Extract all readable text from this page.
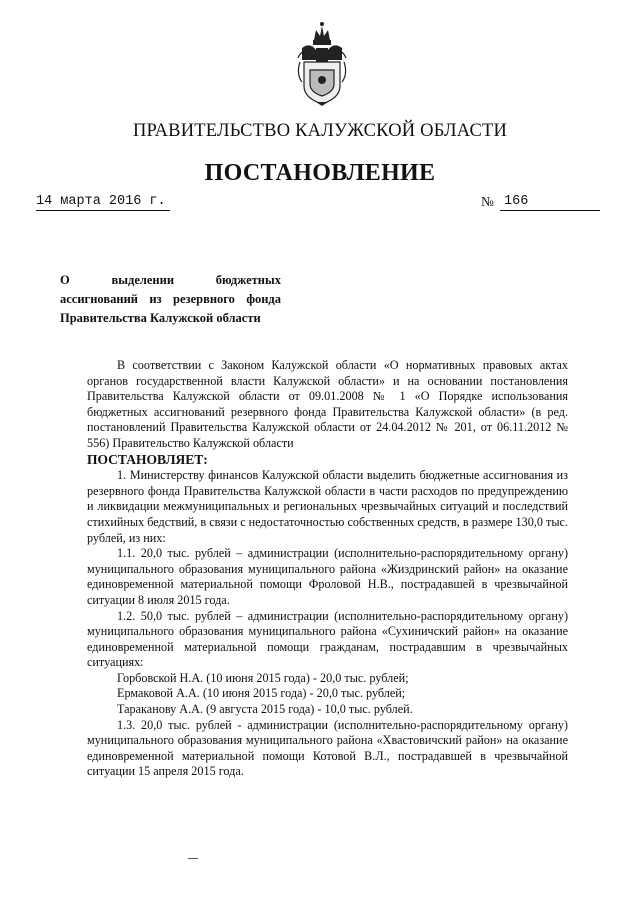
ПРАВИТЕЛЬСТВО КАЛУЖСКОЙ ОБЛАСТИ
ПОСТАНОВЛЕНИЕ
14 марта 2016 г.	№ 166
О выделении бюджетных ассигнований из резервного фонда Правительства Калужской области

В соответствии с Законом Калужской области «О нормативных правовых актах органов государственной власти Калужской области» и на основании постановления Правительства Калужской области от 09.01.2008 № 1 «О Порядке использования бюджетных ассигнований резервного фонда Правительства Калужской области» (в ред. постановлений Правительства Калужской области от 24.04.2012 № 201, от 06.11.2012 № 556) Правительство Калужской области

ПОСТАНОВЛЯЕТ:

1. Министерству финансов Калужской области выделить бюджетные ассигнования из резервного фонда Правительства Калужской области в части расходов по предупреждению и ликвидации межмуниципальных и региональных чрезвычайных ситуаций и последствий стихийных бедствий, в связи с недостаточностью собственных средств, в размере 130,0 тыс. рублей, из них:

1.1. 20,0 тыс. рублей – администрации (исполнительно-распорядительному органу) муниципального образования муниципального района «Жиздринский район» на оказание единовременной материальной помощи Фроловой Н.В., пострадавшей в чрезвычайной ситуации 8 июля 2015 года.

1.2. 50,0 тыс. рублей – администрации (исполнительно-распорядительному органу) муниципального образования муниципального района «Сухиничский район» на оказание единовременной материальной помощи гражданам, пострадавшим в чрезвычайных ситуациях:

Горбовской Н.А. (10 июня 2015 года) - 20,0 тыс. рублей;

Ермаковой А.А. (10 июня 2015 года) - 20,0 тыс. рублей;

Тараканову А.А. (9 августа 2015 года) - 10,0 тыс. рублей.

1.3. 20,0 тыс. рублей - администрации (исполнительно-распорядительному органу) муниципального образования муниципального района «Хвастовичский район» на оказание единовременной материальной помощи Котовой В.Л., пострадавшей в чрезвычайной ситуации 15 апреля 2015 года.
